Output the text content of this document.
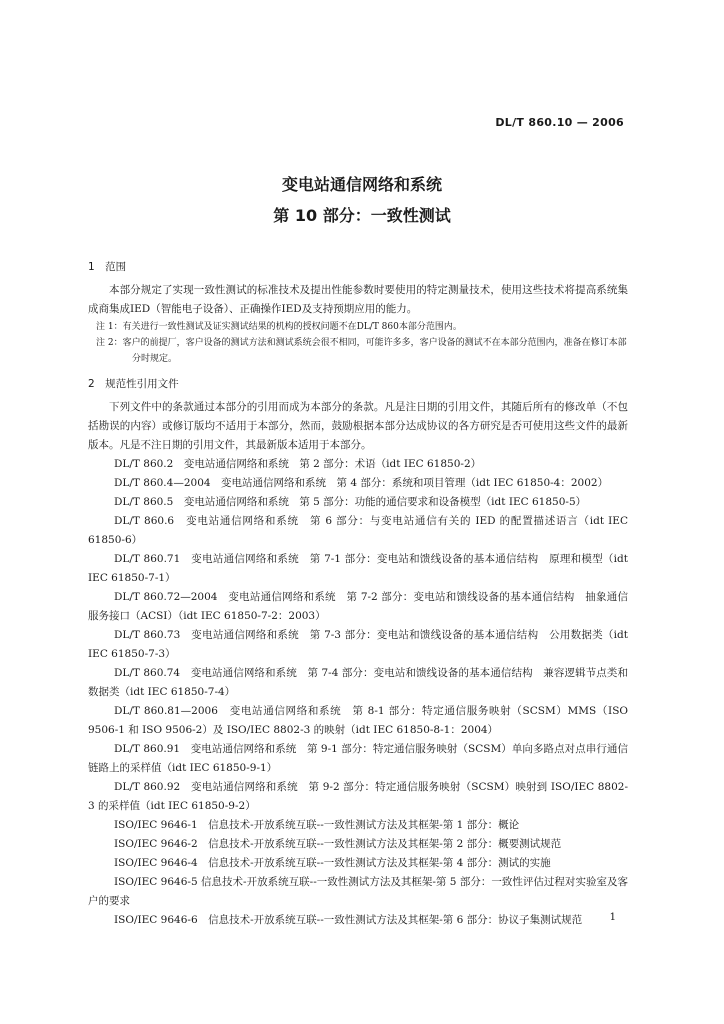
DL/T 860.10 — 2006
变电站通信网络和系统
第 10 部分：一致性测试

1　范围

本部分规定了实现一致性测试的标准技术及提出性能参数时要使用的特定测量技术，使用这些技术将提高系统集成商集成IED（智能电子设备）、正确操作IED及支持预期应用的能力。

注 1：有关进行一致性测试及证实测试结果的机构的授权问题不在DL/T 860本部分范围内。

注 2：客户的前提厂，客户设备的测试方法和测试系统会很不相同，可能许多多，客户设备的测试不在本部分范围内，准备在修订本部分时规定。

2　规范性引用文件

下列文件中的条款通过本部分的引用而成为本部分的条款。凡是注日期的引用文件，其随后所有的修改单（不包括勘误的内容）或修订版均不适用于本部分，然而，鼓励根据本部分达成协议的各方研究是否可使用这些文件的最新版本。凡是不注日期的引用文件，其最新版本适用于本部分。

DL/T 860.2　变电站通信网络和系统　第 2 部分：术语（idt IEC 61850-2）

DL/T 860.4—2004　变电站通信网络和系统　第 4 部分：系统和项目管理（idt IEC 61850-4：2002）

DL/T 860.5　变电站通信网络和系统　第 5 部分：功能的通信要求和设备模型（idt IEC 61850-5）

DL/T 860.6　变电站通信网络和系统　第 6 部分：与变电站通信有关的 IED 的配置描述语言（idt IEC 61850-6）

DL/T 860.71　变电站通信网络和系统　第 7-1 部分：变电站和馈线设备的基本通信结构　原理和模型（idt IEC 61850-7-1）

DL/T 860.72—2004　变电站通信网络和系统　第 7-2 部分：变电站和馈线设备的基本通信结构　抽象通信服务接口（ACSI）（idt IEC 61850-7-2：2003）

DL/T 860.73　变电站通信网络和系统　第 7-3 部分：变电站和馈线设备的基本通信结构　公用数据类（idt IEC 61850-7-3）

DL/T 860.74　变电站通信网络和系统　第 7-4 部分：变电站和馈线设备的基本通信结构　兼容逻辑节点类和数据类（idt IEC 61850-7-4）

DL/T 860.81—2006　变电站通信网络和系统　第 8-1 部分：特定通信服务映射（SCSM）MMS（ISO 9506-1 和 ISO 9506-2）及 ISO/IEC 8802-3 的映射（idt IEC 61850-8-1：2004）

DL/T 860.91　变电站通信网络和系统　第 9-1 部分：特定通信服务映射（SCSM）单向多路点对点串行通信链路上的采样值（idt IEC 61850-9-1）

DL/T 860.92　变电站通信网络和系统　第 9-2 部分：特定通信服务映射（SCSM）映射到 ISO/IEC 8802-3 的采样值（idt IEC 61850-9-2）

ISO/IEC 9646-1　信息技术-开放系统互联--一致性测试方法及其框架-第 1 部分：概论

ISO/IEC 9646-2　信息技术-开放系统互联--一致性测试方法及其框架-第 2 部分：概要测试规范

ISO/IEC 9646-4　信息技术-开放系统互联--一致性测试方法及其框架-第 4 部分：测试的实施

ISO/IEC 9646-5 信息技术-开放系统互联--一致性测试方法及其框架-第 5 部分：一致性评估过程对实验室及客户的要求

ISO/IEC 9646-6　信息技术-开放系统互联--一致性测试方法及其框架-第 6 部分：协议子集测试规范	1
